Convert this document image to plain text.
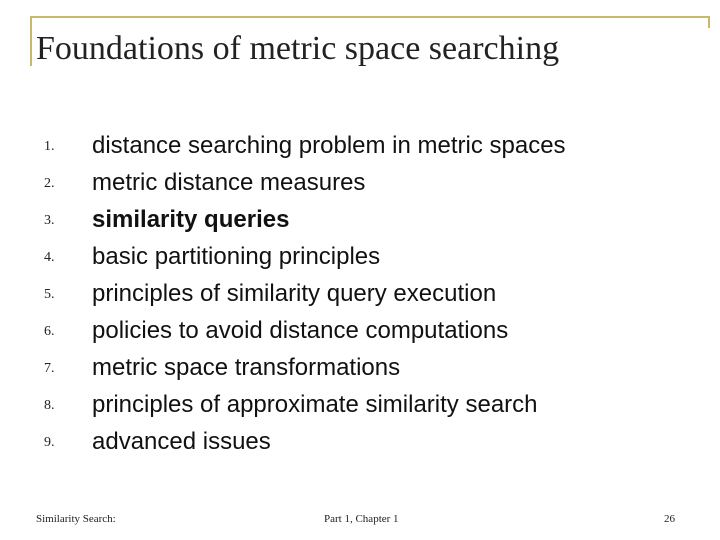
Foundations of metric space searching
1. distance searching problem in metric spaces
2. metric distance measures
3. similarity queries
4. basic partitioning principles
5. principles of similarity query execution
6. policies to avoid distance computations
7. metric space transformations
8. principles of approximate similarity search
9. advanced issues
Similarity Search:	Part 1, Chapter 1	26
